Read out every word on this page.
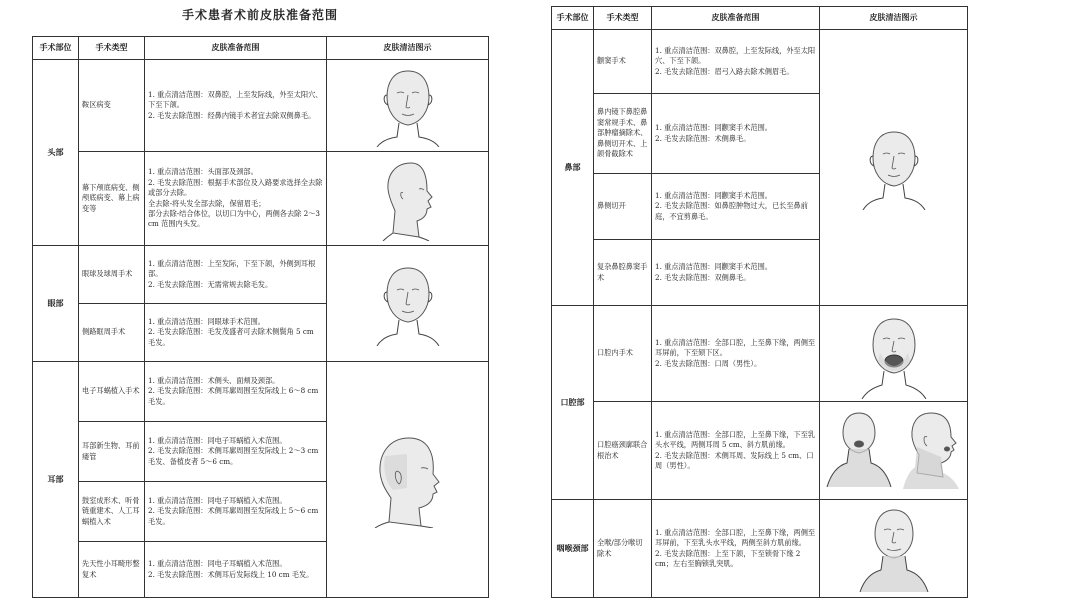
手术患者术前皮肤准备范围
手术部位	手术类型	皮肤准备范围	皮肤清洁图示
头部	鞍区病变	1. 重点清洁范围：双鼻腔，上至发际线，外至太阳穴、下至下颌。
2. 毛发去除范围：经鼻内镜手术者宜去除双侧鼻毛。

	幕下颅底病变、侧颅底病变、幕上病变等	1. 重点清洁范围：头面部及颈部。
2. 毛发去除范围：根据手术部位及入路要求选择全去除或部分去除。
全去除-将头发全部去除，保留眉毛；
部分去除-结合体位，以切口为中心，两侧各去除 2～3 cm 范围内头发。

眼部	眼球及球周手术	1. 重点清洁范围：上至发际，下至下颌，外侧到耳根部。
2. 毛发去除范围：无需常规去除毛发。

	侧路眶周手术	1. 重点清洁范围：同眼球手术范围。
2. 毛发去除范围：毛发茂盛者可去除术侧鬓角 5 cm 毛发。	

耳部	电子耳蜗植入手术	1. 重点清洁范围：术侧头、面颊及颈部。
2. 毛发去除范围：术侧耳廓周围至发际线上 6～8 cm 毛发。

	耳部新生物、耳前瘘管	1. 重点清洁范围：同电子耳蜗植入术范围。
2. 毛发去除范围：术侧耳廓周围至发际线上 2～3 cm 毛发、备植皮者 5～6 cm。	

	鼓室成形术、听骨链重建术、人工耳蜗植入术	1. 重点清洁范围：同电子耳蜗植入术范围。
2. 毛发去除范围：术侧耳廓周围至发际线上 5～6 cm 毛发。	

	先天性小耳畸形整复术	1. 重点清洁范围：同电子耳蜗植入术范围。
2. 毛发去除范围：术侧耳后发际线上 10 cm 毛发。	
手术部位	手术类型	皮肤准备范围	皮肤清洁图示
鼻部	颧窦手术	1. 重点清洁范围：双鼻腔，上至发际线，外至太阳穴、下至下颌。
2. 毛发去除范围：眉弓入路去除术侧眉毛。

	鼻内镜下鼻腔鼻窦常规手术、鼻部肿瘤摘除术、鼻侧切开术、上颌骨截除术	1. 重点清洁范围：同颧窦手术范围。
2. 毛发去除范围：术侧鼻毛。	

	鼻侧切开	1. 重点清洁范围：同颧窦手术范围。
2. 毛发去除范围：如鼻腔肿物过大，已长至鼻前庭，不宜剪鼻毛。	

	复杂鼻腔鼻窦手术	1. 重点清洁范围：同颧窦手术范围。
2. 毛发去除范围：双侧鼻毛。	

口腔部	口腔内手术	1. 重点清洁范围：全部口腔，上至鼻下缘，两侧至耳屏前，下至颏下区。
2. 毛发去除范围：口周（男性）。

	口腔癌颈廓联合根治术	1. 重点清洁范围：全部口腔，上至鼻下缘，下至乳头水平线，两侧耳周 5 cm、斜方肌前缘。
2. 毛发去除范围：术侧耳周、发际线上 5 cm、口周（男性）。

咽喉颈部	全喉/部分喉切除术	1. 重点清洁范围：全部口腔，上至鼻下缘，两侧至耳屏前，下至乳头水平线，两侧至斜方肌前缘。
2. 毛发去除范围：上至下颌，下至锁骨下缘 2 cm；左右至胸锁乳突肌。
